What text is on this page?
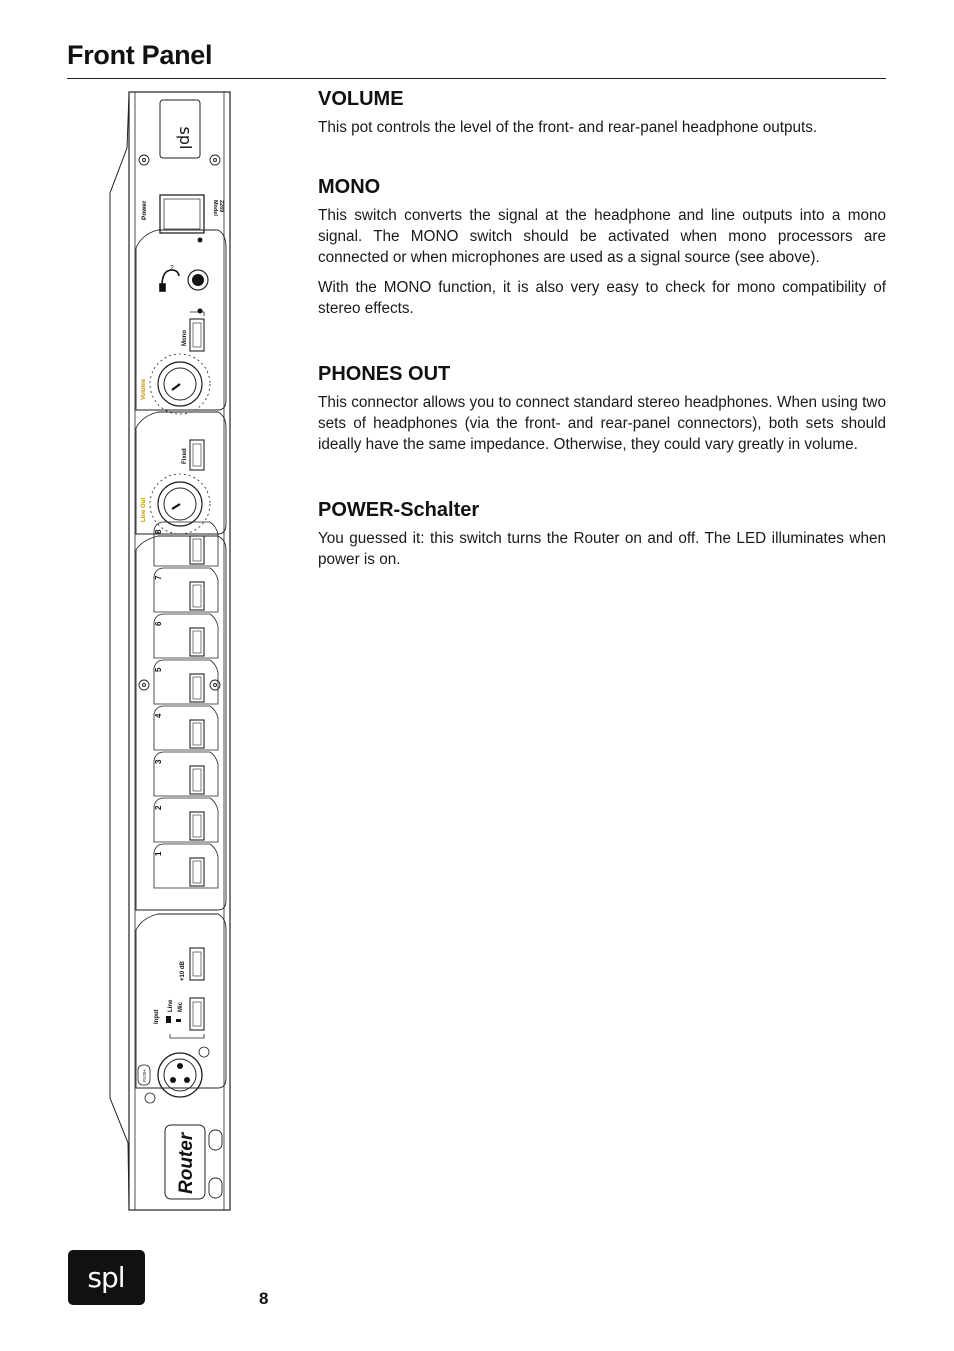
Front Panel
spl
Power	Model 2269
2
Mono
Volume
Fixed
Line Out
1
2
3
4
5
6
7
8
+10 dB
Input
Line Mic
PUSH
Router
VOLUME

This pot controls the level of the front- and rear-panel headphone outputs.

MONO

This switch converts the signal at the headphone and line outputs into a mono signal. The MONO switch should be activated when mono processors are connected or when microphones are used as a signal source (see above).

With the MONO function, it is also very easy to check for mono compatibility of stereo effects.

PHONES OUT

This connector allows you to connect standard stereo headphones. When using two sets of headphones (via the front- and rear-panel connectors), both sets should ideally have the same impedance. Otherwise, they could vary greatly in volume.

POWER-Schalter

You guessed it: this switch turns the Router on and off. The LED illuminates when power is on.

spl
8
